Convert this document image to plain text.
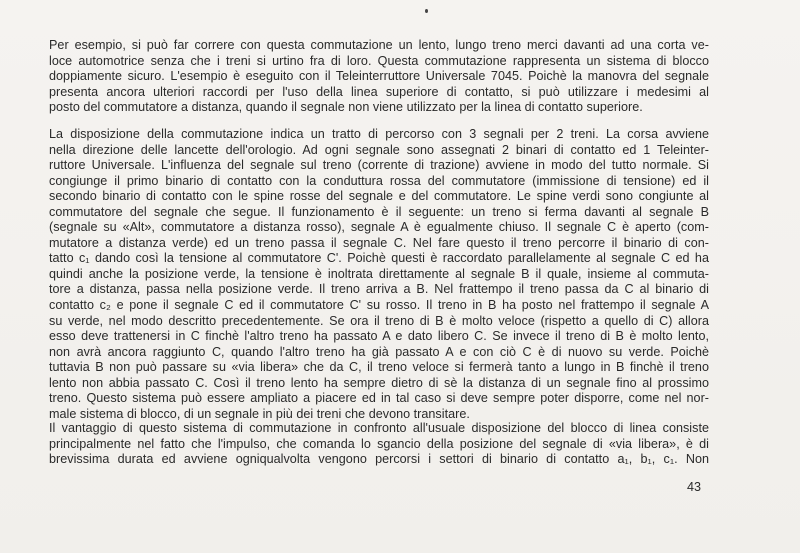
Per esempio, si può far correre con questa commutazione un lento, lungo treno merci davanti ad una corta ve-
loce automotrice senza che i treni si urtino fra di loro. Questa commutazione rappresenta un sistema di blocco
doppiamente sicuro. L'esempio è eseguito con il Teleinterruttore Universale 7045. Poichè la manovra del segnale
presenta ancora ulteriori raccordi per l'uso della linea superiore di contatto, si può utilizzare i medesimi al
posto del commutatore a distanza, quando il segnale non viene utilizzato per la linea di contatto superiore.
La disposizione della commutazione indica un tratto di percorso con 3 segnali per 2 treni. La corsa avviene
nella direzione delle lancette dell'orologio. Ad ogni segnale sono assegnati 2 binari di contatto ed 1 Teleinter-
ruttore Universale. L'influenza del segnale sul treno (corrente di trazione) avviene in modo del tutto normale. Si
congiunge il primo binario di contatto con la conduttura rossa del commutatore (immissione di tensione) ed il
secondo binario di contatto con le spine rosse del segnale e del commutatore. Le spine verdi sono congiunte al
commutatore del segnale che segue. Il funzionamento è il seguente: un treno si ferma davanti al segnale B
(segnale su «Alt», commutatore a distanza rosso), segnale A è egualmente chiuso. Il segnale C è aperto (com-
mutatore a distanza verde) ed un treno passa il segnale C. Nel fare questo il treno percorre il binario di con-
tatto c₁ dando così la tensione al commutatore C'. Poichè questi è raccordato parallelamente al segnale C ed ha
quindi anche la posizione verde, la tensione è inoltrata direttamente al segnale B il quale, insieme al commuta-
tore a distanza, passa nella posizione verde. Il treno arriva a B. Nel frattempo il treno passa da C al binario di
contatto c₂ e pone il segnale C ed il commutatore C' su rosso. Il treno in B ha posto nel frattempo il segnale A
su verde, nel modo descritto precedentemente. Se ora il treno di B è molto veloce (rispetto a quello di C) allora
esso deve trattenersi in C finchè l'altro treno ha passato A e dato libero C. Se invece il treno di B è molto lento,
non avrà ancora raggiunto C, quando l'altro treno ha già passato A e con ciò C è di nuovo su verde. Poichè
tuttavia B non può passare su «via libera» che da C, il treno veloce si fermerà tanto a lungo in B finchè il treno
lento non abbia passato C. Così il treno lento ha sempre dietro di sè la distanza di un segnale fino al prossimo
treno. Questo sistema può essere ampliato a piacere ed in tal caso si deve sempre poter disporre, come nel nor-
male sistema di blocco, di un segnale in più dei treni che devono transitare.
Il vantaggio di questo sistema di commutazione in confronto all'usuale disposizione del blocco di linea consiste
principalmente nel fatto che l'impulso, che comanda lo sgancio della posizione del segnale di «via libera», è di
brevissima durata ed avviene ogniqualvolta vengono percorsi i settori di binario di contatto a₁, b₁, c₁. Non
43
